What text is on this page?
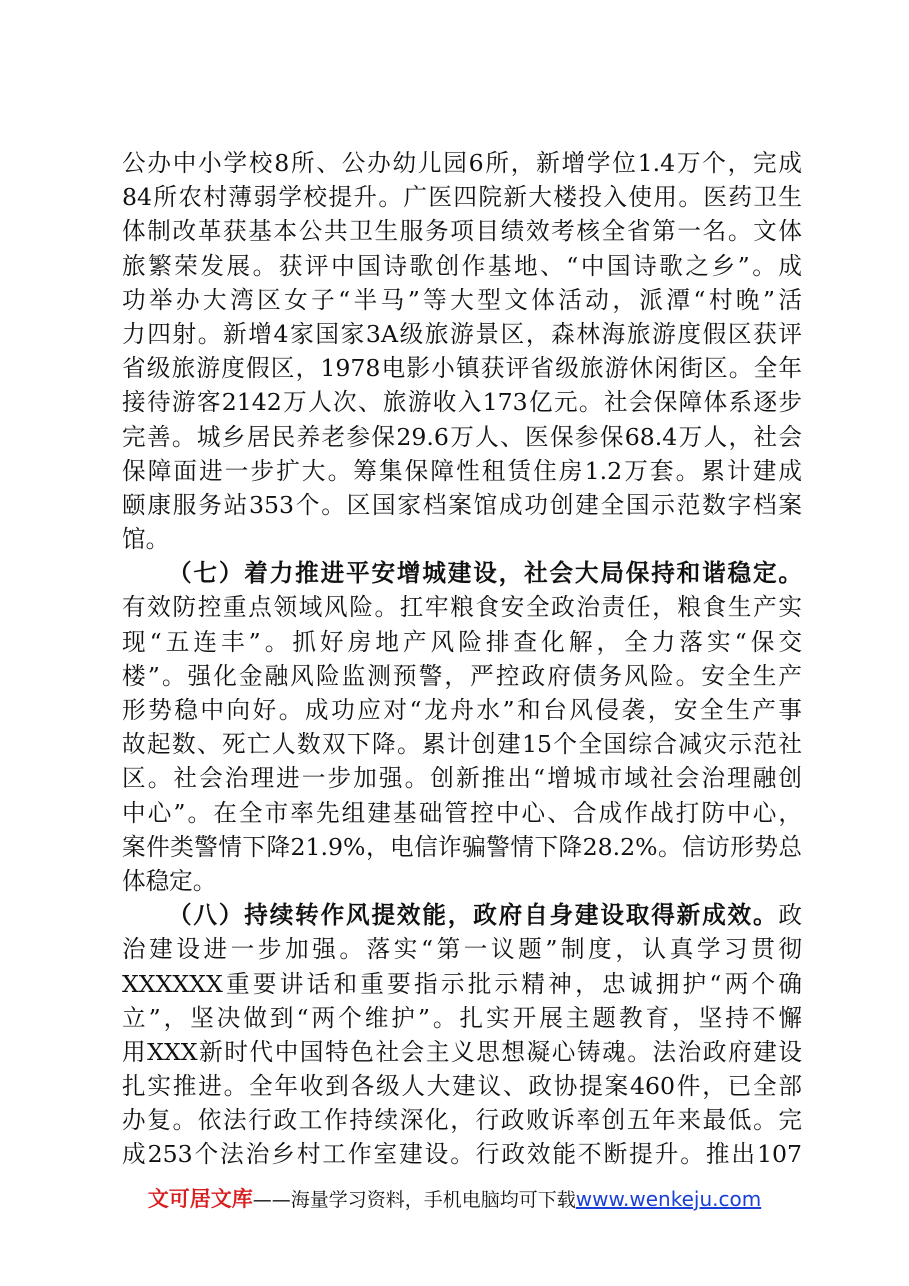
公办中小学校8所、公办幼儿园6所，新增学位1.4万个，完成
84所农村薄弱学校提升。广医四院新大楼投入使用。医药卫生
体制改革获基本公共卫生服务项目绩效考核全省第一名。文体
旅繁荣发展。获评中国诗歌创作基地、“中国诗歌之乡”。成
功举办大湾区女子“半马”等大型文体活动，派潭“村晚”活
力四射。新增4家国家3A级旅游景区，森林海旅游度假区获评
省级旅游度假区，1978电影小镇获评省级旅游休闲街区。全年
接待游客2142万人次、旅游收入173亿元。社会保障体系逐步
完善。城乡居民养老参保29.6万人、医保参保68.4万人，社会
保障面进一步扩大。筹集保障性租赁住房1.2万套。累计建成
颐康服务站353个。区国家档案馆成功创建全国示范数字档案
馆。
（七）着力推进平安增城建设，社会大局保持和谐稳定。
有效防控重点领域风险。扛牢粮食安全政治责任，粮食生产实
现“五连丰”。抓好房地产风险排查化解，全力落实“保交
楼”。强化金融风险监测预警，严控政府债务风险。安全生产
形势稳中向好。成功应对“龙舟水”和台风侵袭，安全生产事
故起数、死亡人数双下降。累计创建15个全国综合减灾示范社
区。社会治理进一步加强。创新推出“增城市域社会治理融创
中心”。在全市率先组建基础管控中心、合成作战打防中心，
案件类警情下降21.9%，电信诈骗警情下降28.2%。信访形势总
体稳定。
（八）持续转作风提效能，政府自身建设取得新成效。政
治建设进一步加强。落实“第一议题”制度，认真学习贯彻
XXXXXX重要讲话和重要指示批示精神，忠诚拥护“两个确
立”，坚决做到“两个维护”。扎实开展主题教育，坚持不懈
用XXX新时代中国特色社会主义思想凝心铸魂。法治政府建设
扎实推进。全年收到各级人大建议、政协提案460件，已全部
办复。依法行政工作持续深化，行政败诉率创五年来最低。完
成253个法治乡村工作室建设。行政效能不断提升。推出107
文可居文库——海量学习资料，手机电脑均可下载www.wenkeju.com
